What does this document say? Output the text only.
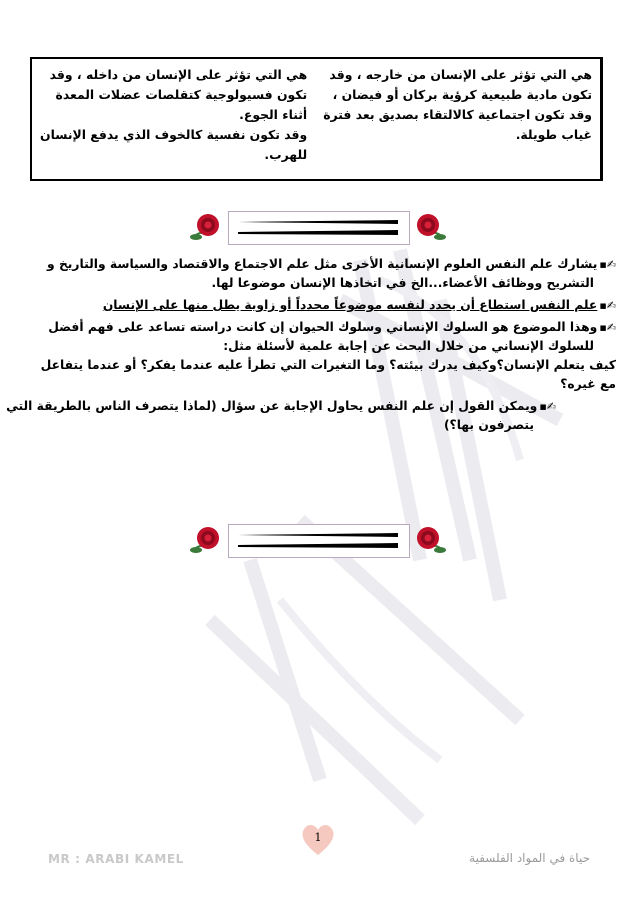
هي التي تؤثر على الإنسان من داخله ، وقد
تكون فسيولوجية كتقلصات عضلات المعدة
أثناء الجوع.
وقد تكون نفسية كالخوف الذي يدفع الإنسان
للهرب.
هي التي تؤثر على الإنسان من خارجه ، وقد
تكون مادية طبيعية كرؤية بركان أو فيضان ،
وقد تكون اجتماعية كالالتقاء بصديق بعد فترة
غياب طويلة.
✍▪يشارك علم النفس العلوم الإنسانية الأخرى مثل علم الاجتماع والاقتصاد والسياسة والتاريخ و
التشريح ووظائف الأعضاء...الخ في اتخاذها الإنسان موضوعا لها.
✍▪علم النفس استطاع أن يحدد لنفسه موضوعاً محدداً أو زاوية يطل منها على الإنسان
✍▪وهذا الموضوع هو السلوك الإنساني وسلوك الحيوان إن كانت دراسته تساعد على فهم أفضل
للسلوك الإنساني من خلال البحث عن إجابة علمية لأسئلة مثل:
كيف يتعلم الإنسان؟وكيف يدرك بيئته؟ وما التغيرات التي تطرأ عليه عندما يفكر؟ أو عندما يتفاعل
مع غيره؟
✍▪ويمكن القول إن علم النفس يحاول الإجابة عن سؤال (لماذا يتصرف الناس بالطريقة التي
يتصرفون بها؟)
1
MR : ARABI KAMEL	حياة في المواد الفلسفية
